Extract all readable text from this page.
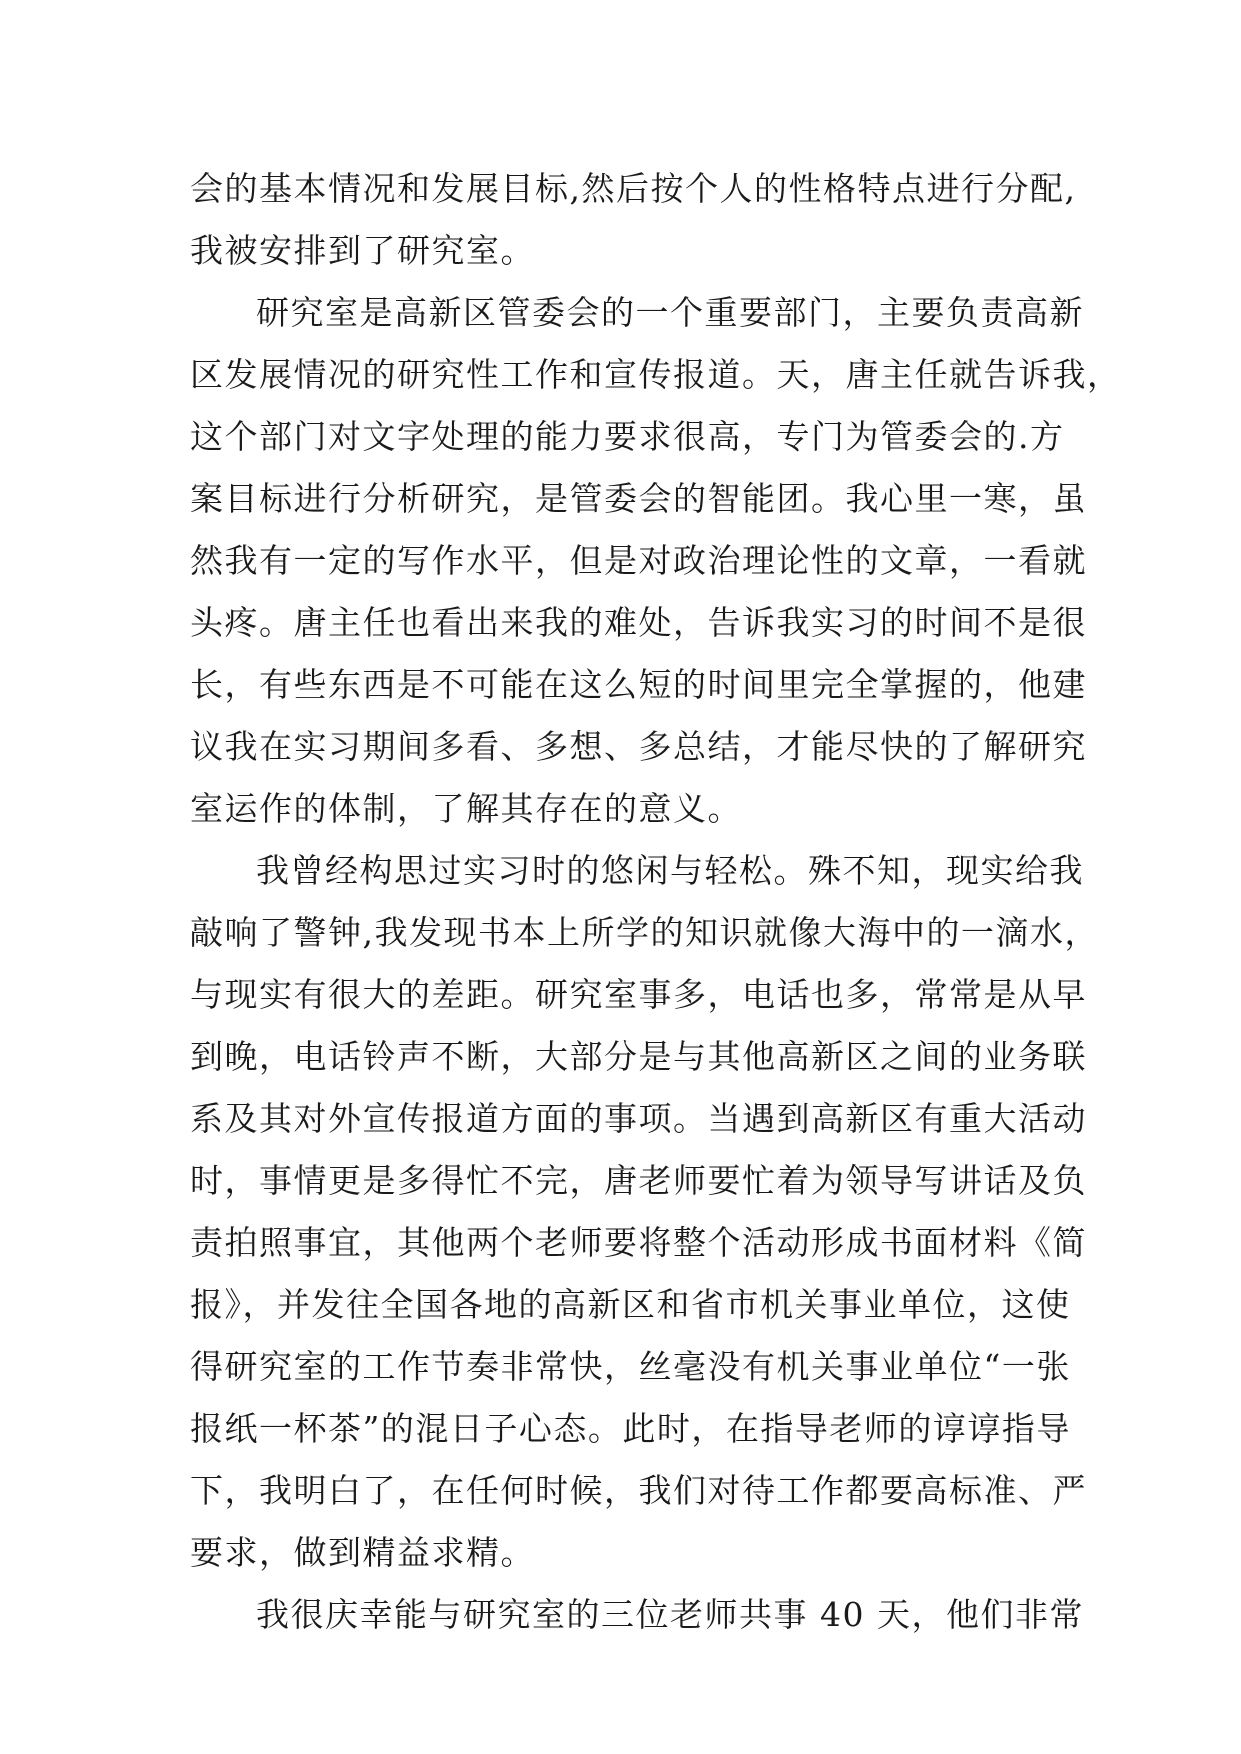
会的基本情况和发展目标,然后按个人的性格特点进行分配,
我被安排到了研究室。
研究室是高新区管委会的一个重要部门，主要负责高新
区发展情况的研究性工作和宣传报道。天，唐主任就告诉我，
这个部门对文字处理的能力要求很高，专门为管委会的.方
案目标进行分析研究，是管委会的智能团。我心里一寒，虽
然我有一定的写作水平，但是对政治理论性的文章，一看就
头疼。唐主任也看出来我的难处，告诉我实习的时间不是很
长，有些东西是不可能在这么短的时间里完全掌握的，他建
议我在实习期间多看、多想、多总结，才能尽快的了解研究
室运作的体制，了解其存在的意义。
我曾经构思过实习时的悠闲与轻松。殊不知，现实给我
敲响了警钟,我发现书本上所学的知识就像大海中的一滴水，
与现实有很大的差距。研究室事多，电话也多，常常是从早
到晚，电话铃声不断，大部分是与其他高新区之间的业务联
系及其对外宣传报道方面的事项。当遇到高新区有重大活动
时，事情更是多得忙不完，唐老师要忙着为领导写讲话及负
责拍照事宜，其他两个老师要将整个活动形成书面材料《简
报》，并发往全国各地的高新区和省市机关事业单位，这使
得研究室的工作节奏非常快，丝毫没有机关事业单位“一张
报纸一杯茶”的混日子心态。此时，在指导老师的谆谆指导
下，我明白了，在任何时候，我们对待工作都要高标准、严
要求，做到精益求精。
我很庆幸能与研究室的三位老师共事 40 天，他们非常
